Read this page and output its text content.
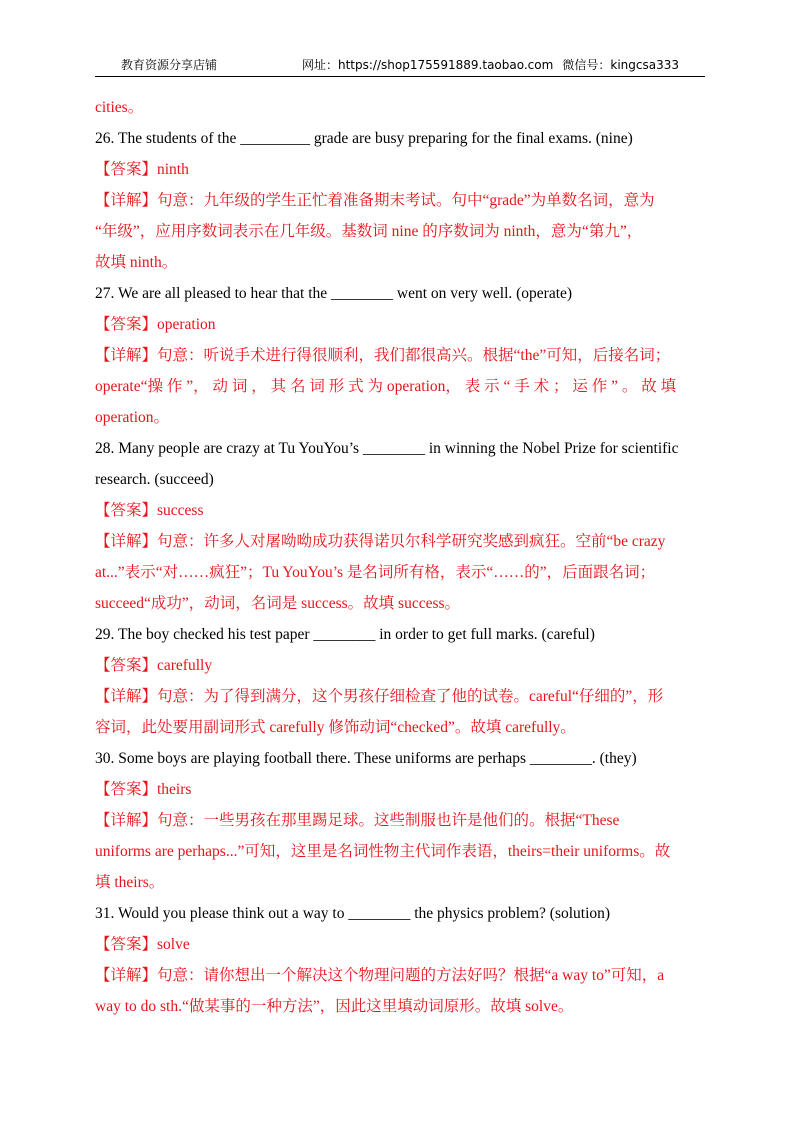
教育资源分享店铺	网址：https://shop175591889.taobao.com 微信号：kingcsa333
cities。
26. The students of the _________ grade are busy preparing for the final exams. (nine)
【答案】ninth
【详解】句意：九年级的学生正忙着准备期末考试。句中“grade”为单数名词，意为
“年级”，应用序数词表示在几年级。基数词 nine 的序数词为 ninth，意为“第九”，
故填 ninth。
27. We are all pleased to hear that the ________ went on very well. (operate)
【答案】operation
【详解】句意：听说手术进行得很顺利，我们都很高兴。根据“the”可知，后接名词；
operate“操 作 ”， 动 词 ， 其 名 词 形 式 为 operation， 表 示 “ 手 术 ； 运 作 ” 。 故 填
operation。
28. Many people are crazy at Tu YouYou’s ________ in winning the Nobel Prize for scientific
research. (succeed)
【答案】success
【详解】句意：许多人对屠呦呦成功获得诺贝尔科学研究奖感到疯狂。空前“be crazy
at...”表示“对……疯狂”；Tu YouYou’s 是名词所有格，表示“……的”，后面跟名词；
succeed“成功”，动词，名词是 success。故填 success。
29. The boy checked his test paper ________ in order to get full marks. (careful)
【答案】carefully
【详解】句意：为了得到满分，这个男孩仔细检查了他的试卷。careful“仔细的”，形
容词，此处要用副词形式 carefully 修饰动词“checked”。故填 carefully。
30. Some boys are playing football there. These uniforms are perhaps ________. (they)
【答案】theirs
【详解】句意：一些男孩在那里踢足球。这些制服也许是他们的。根据“These
uniforms are perhaps...”可知，这里是名词性物主代词作表语，theirs=their uniforms。故
填 theirs。
31. Would you please think out a way to ________ the physics problem? (solution)
【答案】solve
【详解】句意：请你想出一个解决这个物理问题的方法好吗？根据“a way to”可知，a
way to do sth.“做某事的一种方法”，因此这里填动词原形。故填 solve。
